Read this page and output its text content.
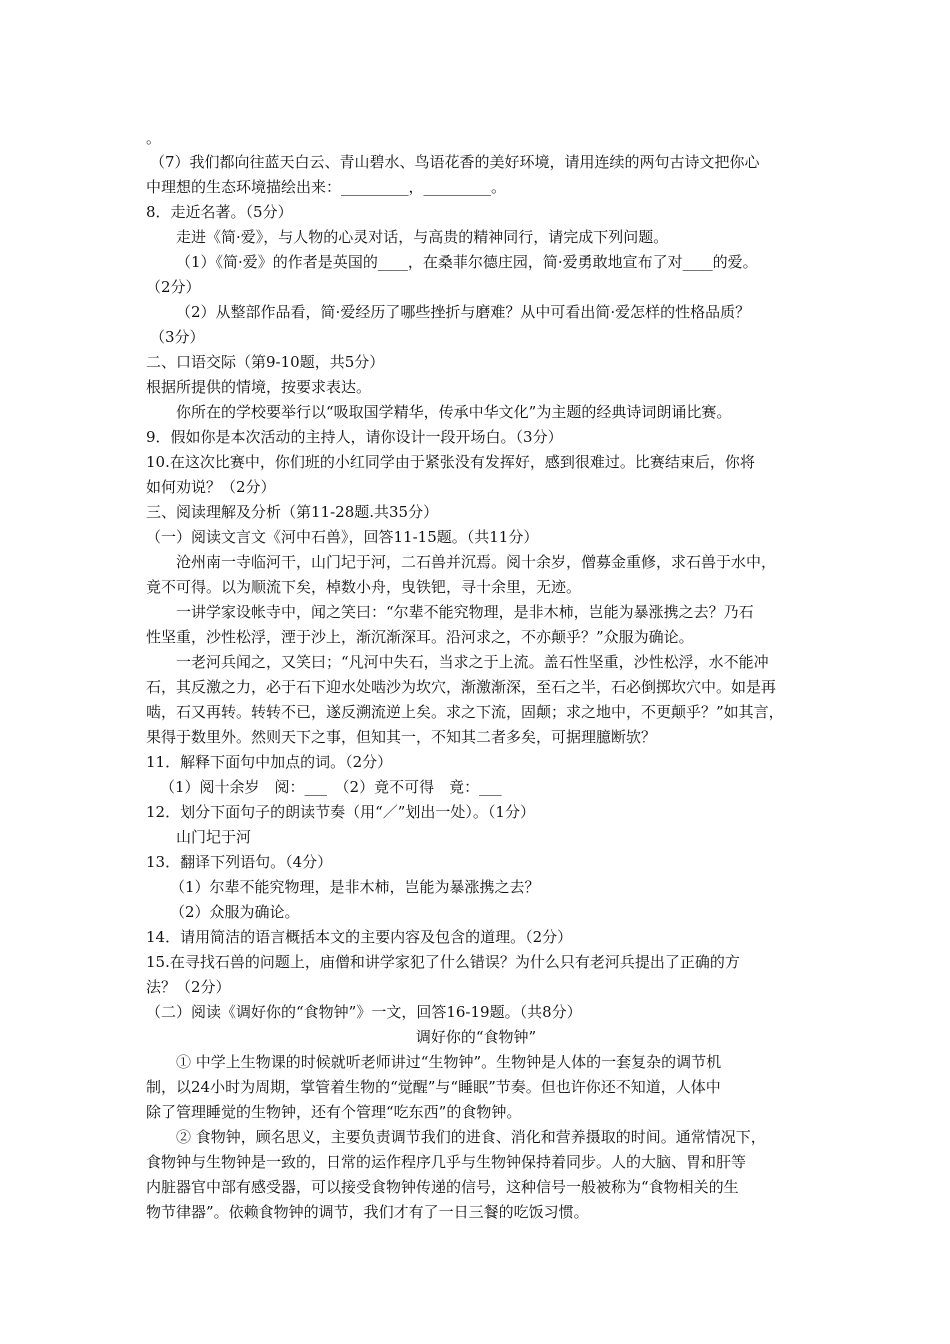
。
（7）我们都向往蓝天白云、青山碧水、鸟语花香的美好环境，请用连续的两句古诗文把你心
中理想的生态环境描绘出来：_________，_________。
8．走近名著。（5分）
走进《简·爱》，与人物的心灵对话，与高贵的精神同行，请完成下列问题。
（1）《简·爱》的作者是英国的____，在桑菲尔德庄园，简·爱勇敢地宣布了对____的爱。
（2分）
（2）从整部作品看，简·爱经历了哪些挫折与磨难？从中可看出简·爱怎样的性格品质？
（3分）
二、口语交际（第9-10题，共5分）
根据所提供的情境，按要求表达。
你所在的学校要举行以“吸取国学精华，传承中华文化”为主题的经典诗词朗诵比赛。
9．假如你是本次活动的主持人，请你设计一段开场白。（3分）
10.在这次比赛中，你们班的小红同学由于紧张没有发挥好，感到很难过。比赛结束后，你将
如何劝说？（2分）
三、阅读理解及分析（第11-28题.共35分）
（一）阅读文言文《河中石兽》，回答11-15题。（共11分）
沧州南一寺临河干，山门圮于河，二石兽并沉焉。阅十余岁，僧募金重修，求石兽于水中，
竟不可得。以为顺流下矣，棹数小舟，曳铁钯，寻十余里，无迹。
一讲学家设帐寺中，闻之笑曰：“尔辈不能究物理，是非木柿，岂能为暴涨携之去？乃石
性坚重，沙性松浮，湮于沙上，渐沉渐深耳。沿河求之，不亦颠乎？”众服为确论。
一老河兵闻之，又笑曰；“凡河中失石，当求之于上流。盖石性坚重，沙性松浮，水不能冲
石，其反激之力，必于石下迎水处啮沙为坎穴，渐激渐深，至石之半，石必倒掷坎穴中。如是再
啮，石又再转。转转不已，遂反溯流逆上矣。求之下流，固颠；求之地中，不更颠乎？”如其言，
果得于数里外。然则天下之事，但知其一，不知其二者多矣，可据理臆断欤？
11．解释下面句中加点的词。（2分）
（1）阅十余岁　阅：___　（2）竟不可得　竟：___
12．划分下面句子的朗读节奏（用“／”划出一处）。（1分）
山门圮于河
13．翻译下列语句。（4分）
（1）尔辈不能究物理，是非木柿，岂能为暴涨携之去？
（2）众服为确论。
14．请用简洁的语言概括本文的主要内容及包含的道理。（2分）
15.在寻找石兽的问题上，庙僧和讲学家犯了什么错误？为什么只有老河兵提出了正确的方
法？（2分）
（二）阅读《调好你的“食物钟”》一文，回答16-19题。（共8分）
调好你的“食物钟”
① 中学上生物课的时候就听老师讲过“生物钟”。生物钟是人体的一套复杂的调节机
制，以24小时为周期，掌管着生物的“觉醒”与“睡眠”节奏。但也许你还不知道，人体中
除了管理睡觉的生物钟，还有个管理“吃东西”的食物钟。
② 食物钟，顾名思义，主要负责调节我们的进食、消化和营养摄取的时间。通常情况下，
食物钟与生物钟是一致的，日常的运作程序几乎与生物钟保持着同步。人的大脑、胃和肝等
内脏器官中部有感受器，可以接受食物钟传递的信号，这种信号一般被称为“食物相关的生
物节律器”。依赖食物钟的调节，我们才有了一日三餐的吃饭习惯。
